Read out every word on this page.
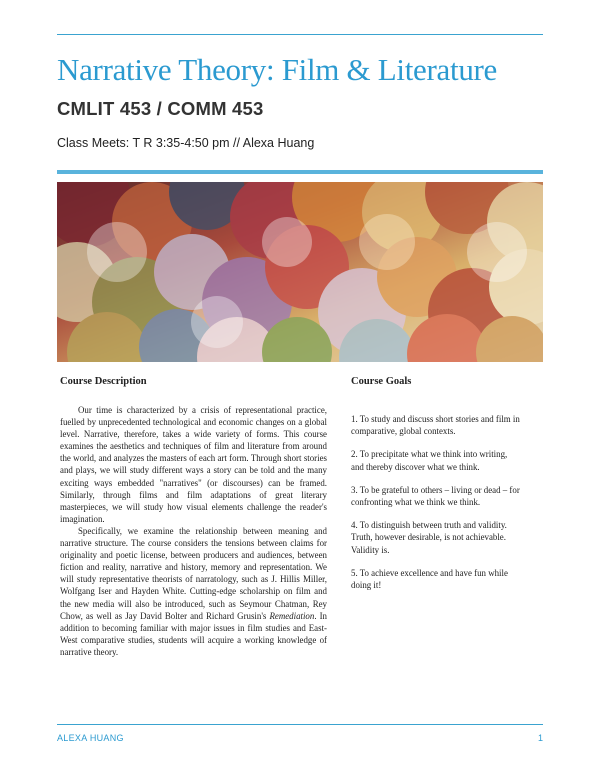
Narrative Theory: Film & Literature
CMLIT 453 / COMM 453
Class Meets: T R 3:35-4:50 pm // Alexa Huang
Course Description	Course Goals

Our time is characterized by a crisis of representational practice, fuelled by unprecedented technological and economic changes on a global level. Narrative, therefore, takes a wide variety of forms. This course examines the aesthetics and techniques of film and literature from around the world, and analyzes the masters of each art form. Through short stories and plays, we will study different ways a story can be told and the many exciting ways embedded "narratives" (or discourses) can be framed. Similarly, through films and film adaptations of great literary masterpieces, we will study how visual elements challenge the reader's imagination.

Specifically, we examine the relationship between meaning and narrative structure. The course considers the tensions between claims for originality and poetic license, between producers and audiences, between fiction and reality, narrative and history, memory and representation. We will study representative theorists of narratology, such as J. Hillis Miller, Wolfgang Iser and Hayden White. Cutting-edge scholarship on film and the new media will also be introduced, such as Seymour Chatman, Rey Chow, as well as Jay David Bolter and Richard Grusin's Remediation. In addition to becoming familiar with major issues in film studies and East-West comparative studies, students will acquire a working knowledge of narrative theory.

1. To study and discuss short stories and film in comparative, global contexts.

2. To precipitate what we think into writing, and thereby discover what we think.

3. To be grateful to others – living or dead – for confronting what we think we think.

4. To distinguish between truth and validity. Truth, however desirable, is not achievable. Validity is.

5. To achieve excellence and have fun while doing it!

ALEXA HUANG	1
